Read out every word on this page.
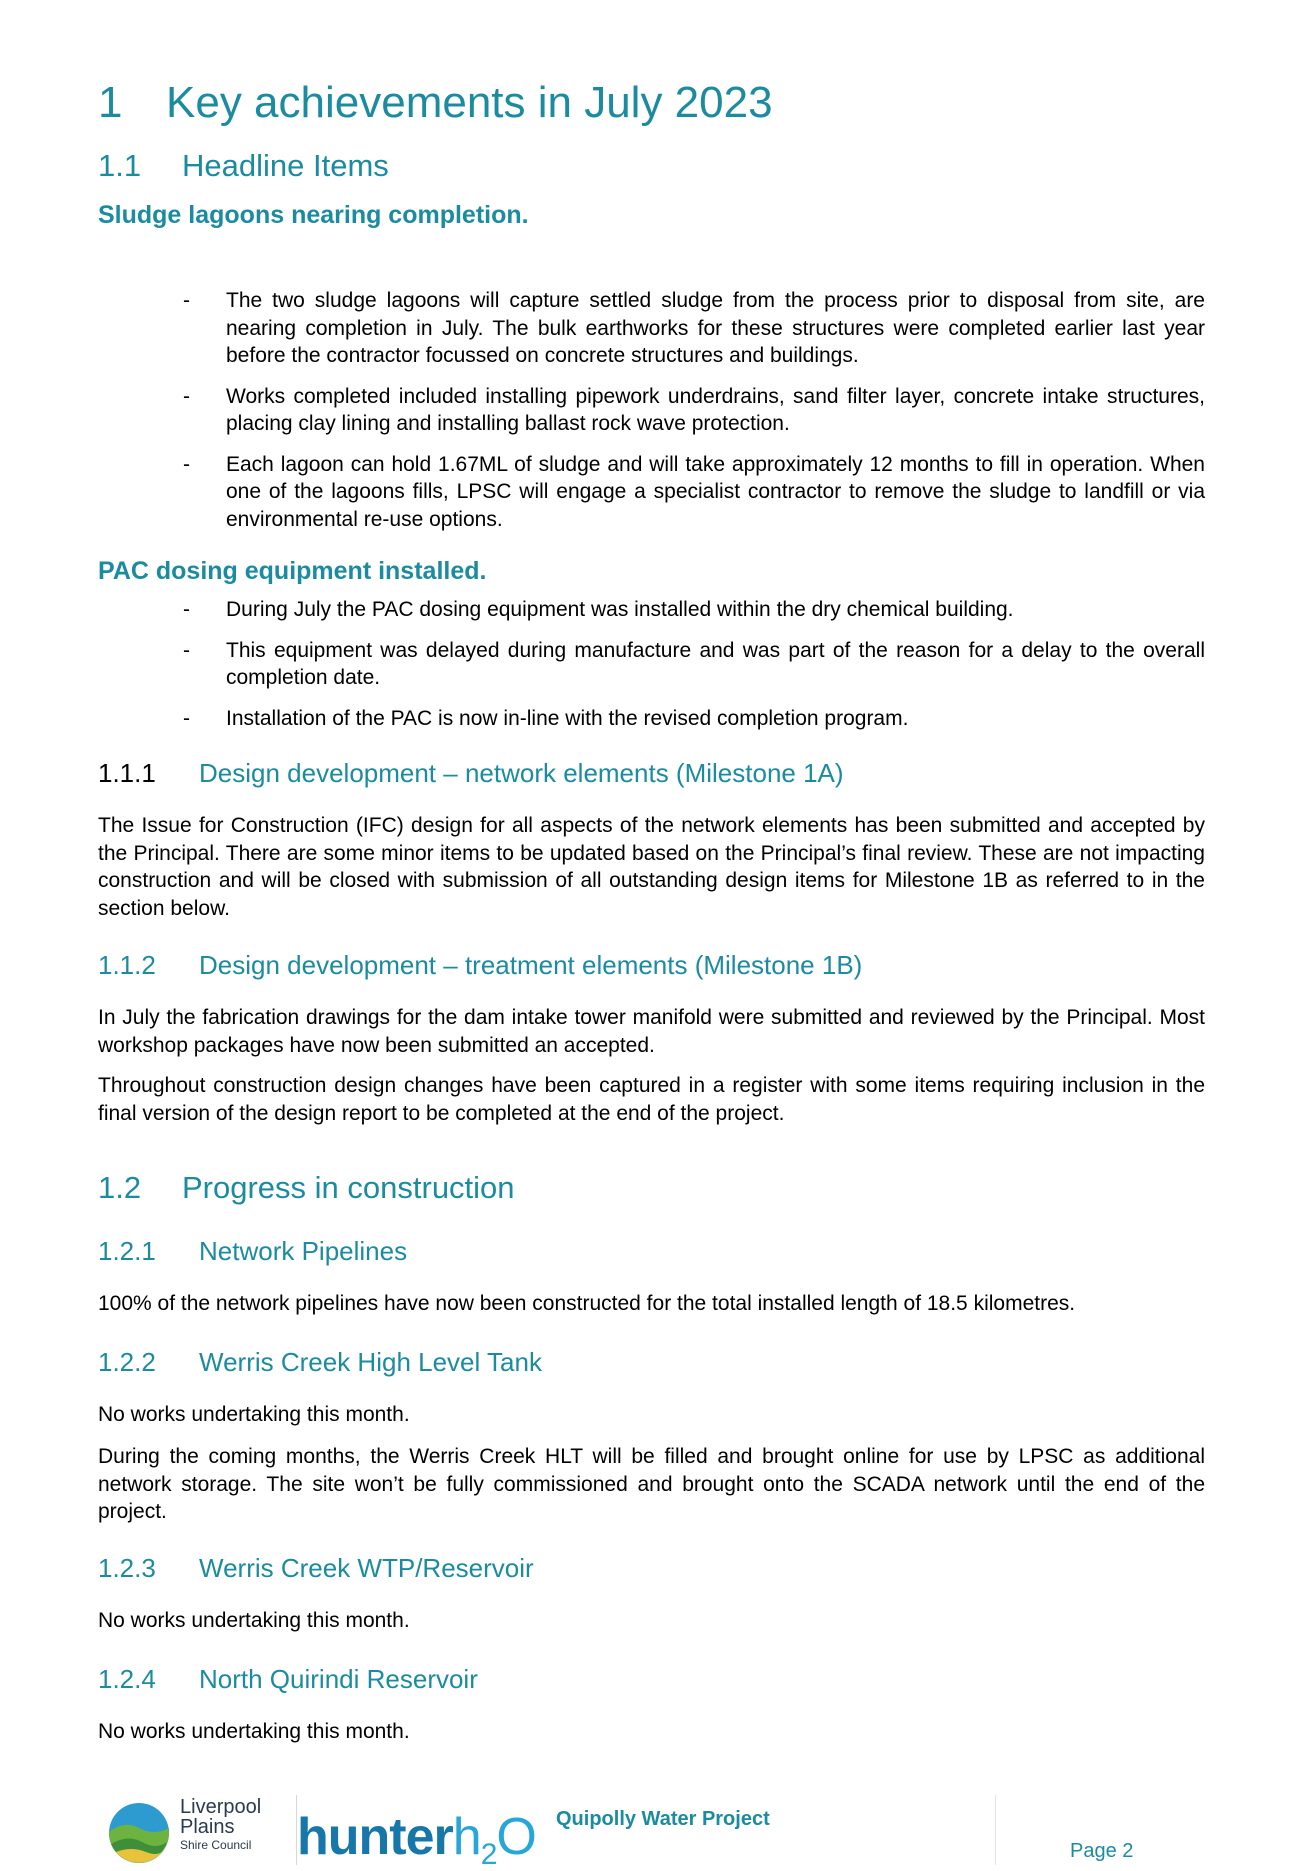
1 Key achievements in July 2023
1.1 Headline Items
Sludge lagoons nearing completion.
- The two sludge lagoons will capture settled sludge from the process prior to disposal from site, are nearing completion in July. The bulk earthworks for these structures were completed earlier last year before the contractor focussed on concrete structures and buildings.
- Works completed included installing pipework underdrains, sand filter layer, concrete intake structures, placing clay lining and installing ballast rock wave protection.
- Each lagoon can hold 1.67ML of sludge and will take approximately 12 months to fill in operation. When one of the lagoons fills, LPSC will engage a specialist contractor to remove the sludge to landfill or via environmental re-use options.
PAC dosing equipment installed.
- During July the PAC dosing equipment was installed within the dry chemical building.
- This equipment was delayed during manufacture and was part of the reason for a delay to the overall completion date.
- Installation of the PAC is now in-line with the revised completion program.
1.1.1 Design development – network elements (Milestone 1A)

The Issue for Construction (IFC) design for all aspects of the network elements has been submitted and accepted by the Principal. There are some minor items to be updated based on the Principal’s final review. These are not impacting construction and will be closed with submission of all outstanding design items for Milestone 1B as referred to in the section below.

1.1.2 Design development – treatment elements (Milestone 1B)

In July the fabrication drawings for the dam intake tower manifold were submitted and reviewed by the Principal. Most workshop packages have now been submitted an accepted.

Throughout construction design changes have been captured in a register with some items requiring inclusion in the final version of the design report to be completed at the end of the project.

1.2 Progress in construction
1.2.1 Network Pipelines

100% of the network pipelines have now been constructed for the total installed length of 18.5 kilometres.

1.2.2 Werris Creek High Level Tank

No works undertaking this month.

During the coming months, the Werris Creek HLT will be filled and brought online for use by LPSC as additional network storage. The site won’t be fully commissioned and brought onto the SCADA network until the end of the project.

1.2.3 Werris Creek WTP/Reservoir

No works undertaking this month.

1.2.4 North Quirindi Reservoir

No works undertaking this month.

Liverpool
Plains
Shire Council hunterh2O Quipolly Water Project
Page 2
